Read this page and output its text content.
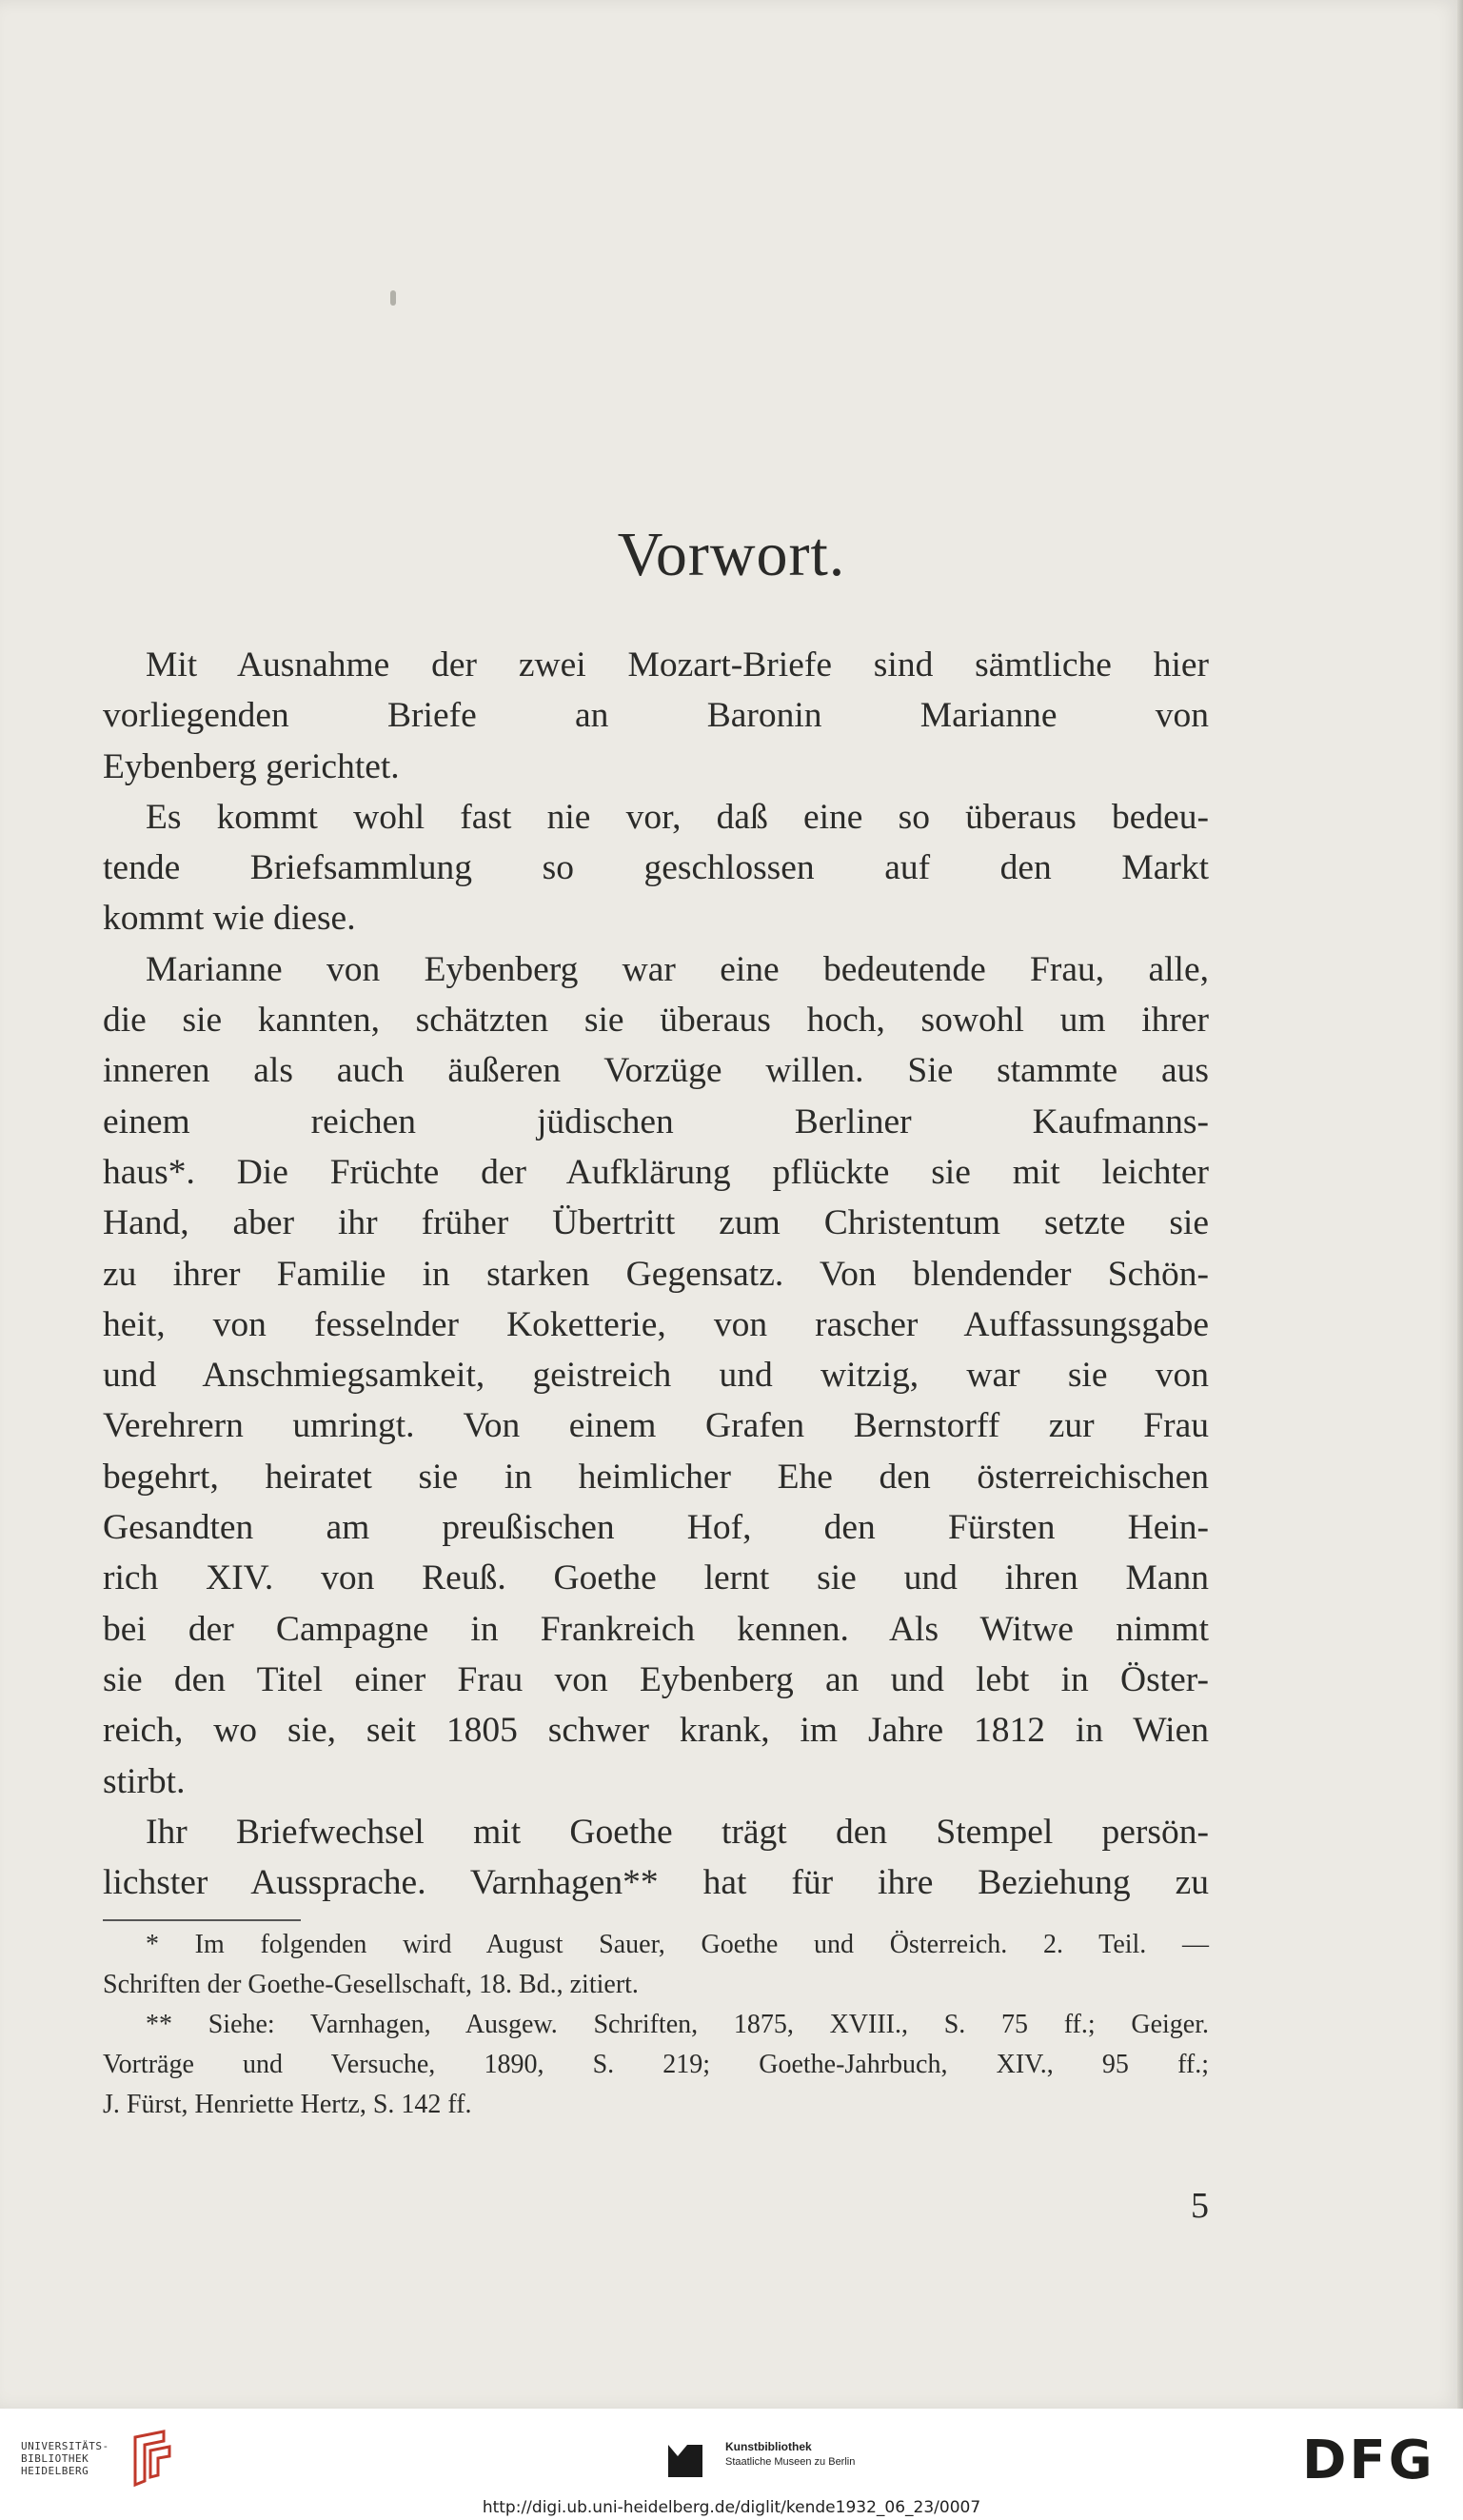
Vorwort.
Mit Ausnahme der zwei Mozart-Briefe sind sämtliche hier
vorliegenden Briefe an Baronin Marianne von
Eybenberg gerichtet.
Es kommt wohl fast nie vor, daß eine so überaus bedeu-
tende Briefsammlung so geschlossen auf den Markt
kommt wie diese.
Marianne von Eybenberg war eine bedeutende Frau, alle,
die sie kannten, schätzten sie überaus hoch, sowohl um ihrer
inneren als auch äußeren Vorzüge willen. Sie stammte aus
einem reichen jüdischen Berliner Kaufmanns-
haus*. Die Früchte der Aufklärung pflückte sie mit leichter
Hand, aber ihr früher Übertritt zum Christentum setzte sie
zu ihrer Familie in starken Gegensatz. Von blendender Schön-
heit, von fesselnder Koketterie, von rascher Auffassungsgabe
und Anschmiegsamkeit, geistreich und witzig, war sie von
Verehrern umringt. Von einem Grafen Bernstorff zur Frau
begehrt, heiratet sie in heimlicher Ehe den österreichischen
Gesandten am preußischen Hof, den Fürsten Hein-
rich XIV. von Reuß. Goethe lernt sie und ihren Mann
bei der Campagne in Frankreich kennen. Als Witwe nimmt
sie den Titel einer Frau von Eybenberg an und lebt in Öster-
reich, wo sie, seit 1805 schwer krank, im Jahre 1812 in Wien
stirbt.
Ihr Briefwechsel mit Goethe trägt den Stempel persön-
lichster Aussprache. Varnhagen** hat für ihre Beziehung zu
* Im folgenden wird August Sauer, Goethe und Österreich. 2. Teil. —
Schriften der Goethe-Gesellschaft, 18. Bd., zitiert.
** Siehe: Varnhagen, Ausgew. Schriften, 1875, XVIII., S. 75 ff.; Geiger.
Vorträge und Versuche, 1890, S. 219; Goethe-Jahrbuch, XIV., 95 ff.;
J. Fürst, Henriette Hertz, S. 142 ff.
5
UNIVERSITÄTS-
BIBLIOTHEK
HEIDELBERG
Kunstbibliothek
Staatliche Museen zu Berlin	DFG
http://digi.ub.uni-heidelberg.de/diglit/kende1932_06_23/0007
